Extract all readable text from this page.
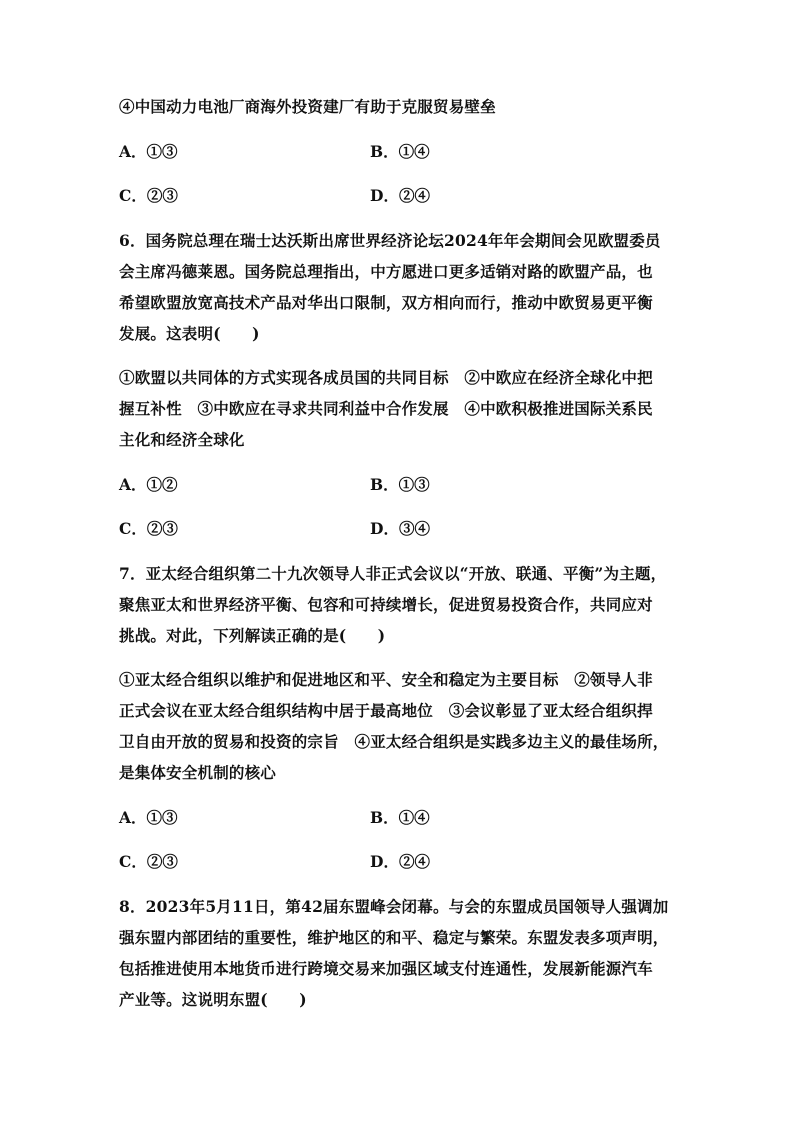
④中国动力电池厂商海外投资建厂有助于克服贸易壁垒
A．①③	B．①④
C．②③	D．②④
6．国务院总理在瑞士达沃斯出席世界经济论坛2024年年会期间会见欧盟委员
会主席冯德莱恩。国务院总理指出，中方愿进口更多适销对路的欧盟产品，也
希望欧盟放宽高技术产品对华出口限制，双方相向而行，推动中欧贸易更平衡
发展。这表明(　　)
①欧盟以共同体的方式实现各成员国的共同目标　②中欧应在经济全球化中把
握互补性　③中欧应在寻求共同利益中合作发展　④中欧积极推进国际关系民
主化和经济全球化
A．①②	B．①③
C．②③	D．③④
7．亚太经合组织第二十九次领导人非正式会议以“开放、联通、平衡”为主题，
聚焦亚太和世界经济平衡、包容和可持续增长，促进贸易投资合作，共同应对
挑战。对此，下列解读正确的是(　　)
①亚太经合组织以维护和促进地区和平、安全和稳定为主要目标　②领导人非
正式会议在亚太经合组织结构中居于最高地位　③会议彰显了亚太经合组织捍
卫自由开放的贸易和投资的宗旨　④亚太经合组织是实践多边主义的最佳场所，
是集体安全机制的核心
A．①③	B．①④
C．②③	D．②④
8．2023年5月11日，第42届东盟峰会闭幕。与会的东盟成员国领导人强调加
强东盟内部团结的重要性，维护地区的和平、稳定与繁荣。东盟发表多项声明，
包括推进使用本地货币进行跨境交易来加强区域支付连通性，发展新能源汽车
产业等。这说明东盟(　　)
